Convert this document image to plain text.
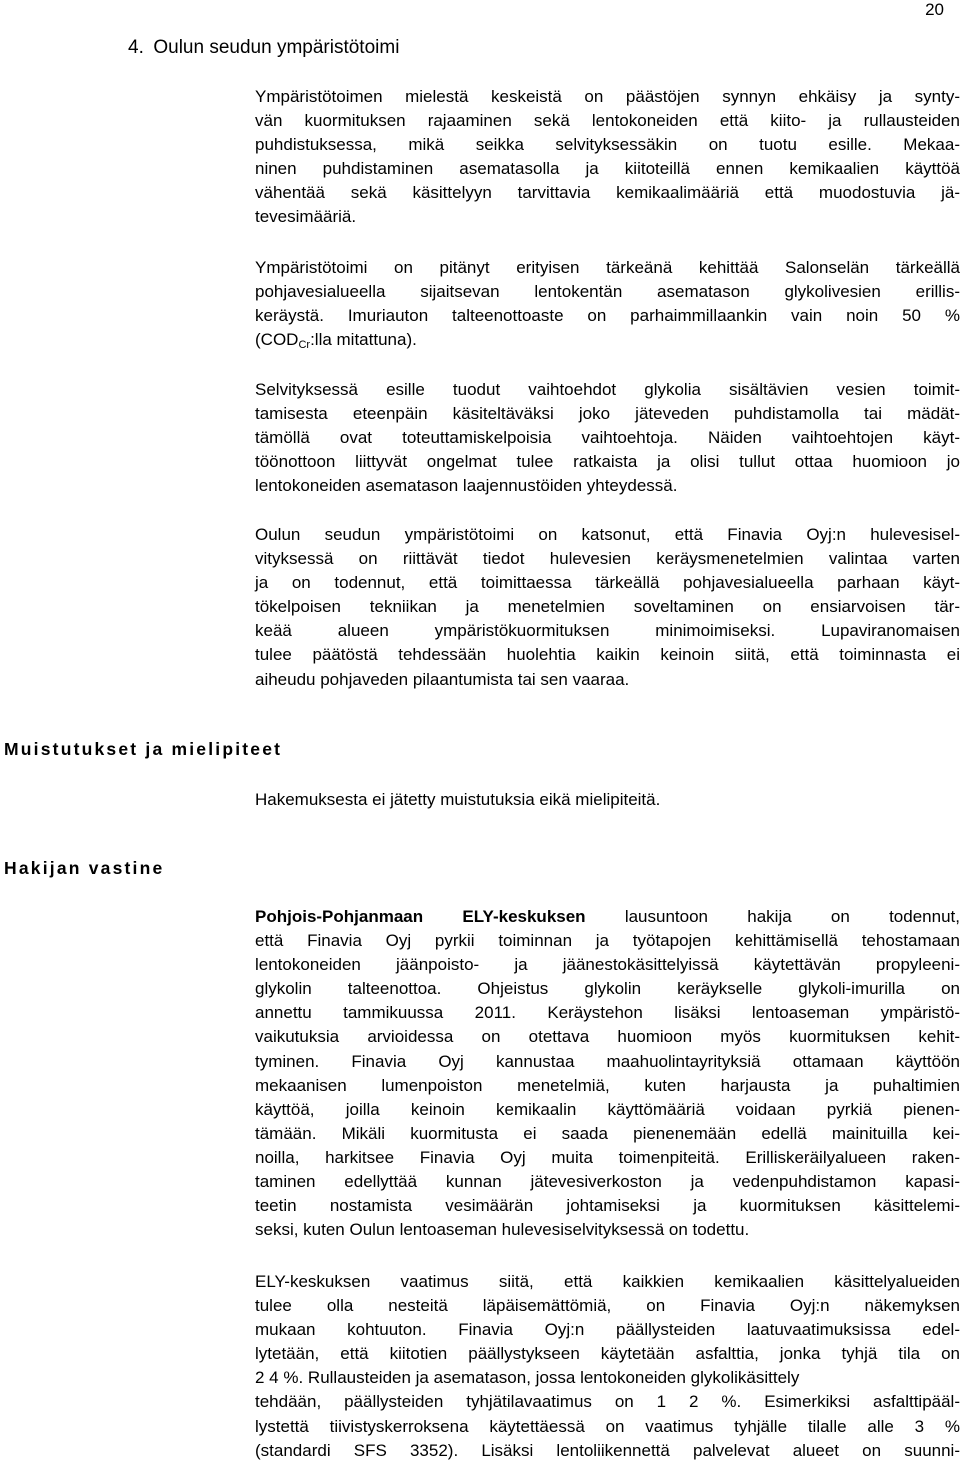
20
4. Oulun seudun ympäristötoimi

Ympäristötoimen mielestä keskeistä on päästöjen synnyn ehkäisy ja synty-
vän kuormituksen rajaaminen sekä lentokoneiden että kiito- ja rullausteiden
puhdistuksessa, mikä seikka selvityksessäkin on tuotu esille. Mekaa-
ninen puhdistaminen asematasolla ja kiitoteillä ennen kemikaalien käyttöä
vähentää sekä käsittelyyn tarvittavia kemikaalimääriä että muodostuvia jä-
tevesimääriä.

Ympäristötoimi on pitänyt erityisen tärkeänä kehittää Salonselän tärkeällä
pohjavesialueella sijaitsevan lentokentän asematason glykolivesien erillis-
keräystä. Imuriauton talteenottoaste on parhaimmillaankin vain noin 50 %
($COD_{Cr}:lla$ mitattuna).

Selvityksessä esille tuodut vaihtoehdot glykolia sisältävien vesien toimit-
tamisesta eteenpäin käsiteltäväksi joko jäteveden puhdistamolla tai mädät-
tämöllä ovat toteuttamiskelpoisia vaihtoehtoja. Näiden vaihtoehtojen käyt-
töönottoon liittyvät ongelmat tulee ratkaista ja olisi tullut ottaa huomioon jo
lentokoneiden asematason laajennustöiden yhteydessä.

Oulun seudun ympäristötoimi on katsonut, että Finavia Oyj:n hulevesisel-
vityksessä on riittävät tiedot hulevesien keräysmenetelmien valintaa varten
ja on todennut, että toimittaessa tärkeällä pohjavesialueella parhaan käyt-
tökelpoisen tekniikan ja menetelmien soveltaminen on ensiarvoisen tär-
keää alueen ympäristökuormituksen minimoimiseksi. Lupaviranomaisen
tulee päätöstä tehdessään huolehtia kaikin keinoin siitä, että toiminnasta ei
aiheudu pohjaveden pilaantumista tai sen vaaraa.

Muistutukset ja mielipiteet

Hakemuksesta ei jätetty muistutuksia eikä mielipiteitä.

Hakijan vastine

Pohjois-Pohjanmaan ELY-keskuksen lausuntoon hakija on todennut,
että Finavia Oyj pyrkii toiminnan ja työtapojen kehittämisellä tehostamaan
lentokoneiden jäänpoisto- ja jäänestokäsittelyissä käytettävän propyleeni-
glykolin talteenottoa. Ohjeistus glykolin keräykselle glykoli-imurilla on
annettu tammikuussa 2011. Keräystehon lisäksi lentoaseman ympäristö-
vaikutuksia arvioidessa on otettava huomioon myös kuormituksen kehit-
tyminen. Finavia Oyj kannustaa maahuolintayrityksiä ottamaan käyttöön
mekaanisen lumenpoiston menetelmiä, kuten harjausta ja puhaltimien
käyttöä, joilla keinoin kemikaalin käyttömääriä voidaan pyrkiä pienen-
tämään. Mikäli kuormitusta ei saada pienenemään edellä mainituilla kei-
noilla, harkitsee Finavia Oyj muita toimenpiteitä. Erilliskeräilyalueen raken-
taminen edellyttää kunnan jätevesiverkoston ja vedenpuhdistamon kapasi-
teetin nostamista vesimäärän johtamiseksi ja kuormituksen käsittelemi-
seksi, kuten Oulun lentoaseman hulevesiselvityksessä on todettu.

ELY-keskuksen vaatimus siitä, että kaikkien kemikaalien käsittelyalueiden
tulee olla nesteitä läpäisemättömiä, on Finavia Oyj:n näkemyksen
mukaan kohtuuton. Finavia Oyj:n päällysteiden laatuvaatimuksissa edel-
lytetään, että kiitotien päällystykseen käytetään asfalttia, jonka tyhjä tila on
2 4 %. Rullausteiden ja asematason, jossa lentokoneiden glykolikäsittely
tehdään, päällysteiden tyhjätilavaatimus on 1 2 %. Esimerkiksi asfalttipääl-
lystettä tiivistyskerroksena käytettäessä on vaatimus tyhjälle tilalle alle 3 %
(standardi SFS 3352). Lisäksi lentoliikennettä palvelevat alueet on suunni-
